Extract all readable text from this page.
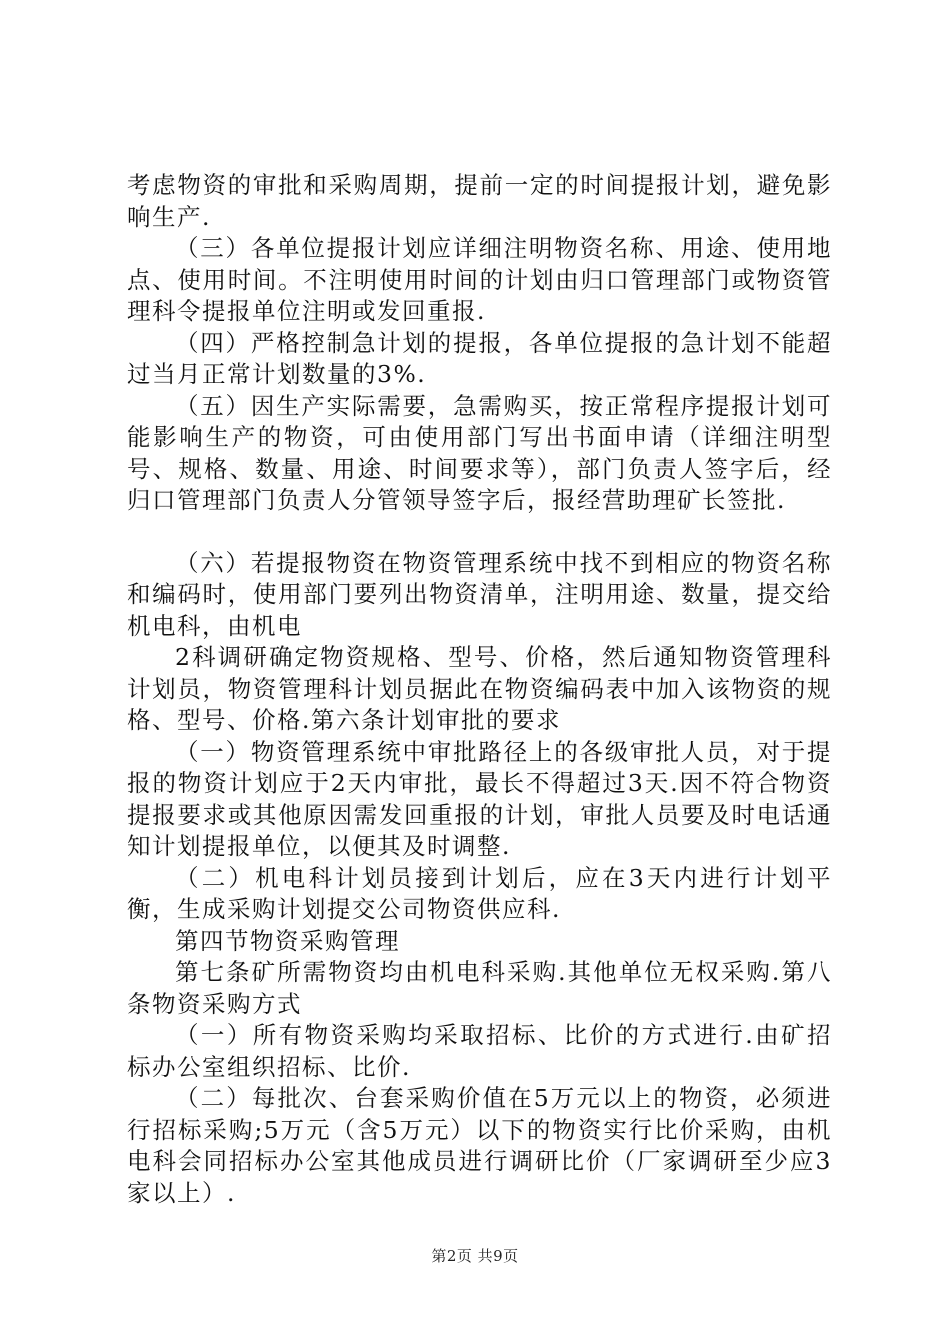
考虑物资的审批和采购周期，提前一定的时间提报计划，避免影响生产.

（三）各单位提报计划应详细注明物资名称、用途、使用地点、使用时间。不注明使用时间的计划由归口管理部门或物资管理科令提报单位注明或发回重报.

（四）严格控制急计划的提报，各单位提报的急计划不能超过当月正常计划数量的3%.

（五）因生产实际需要，急需购买，按正常程序提报计划可能影响生产的物资，可由使用部门写出书面申请（详细注明型号、规格、数量、用途、时间要求等），部门负责人签字后，经归口管理部门负责人分管领导签字后，报经营助理矿长签批.

（六）若提报物资在物资管理系统中找不到相应的物资名称和编码时，使用部门要列出物资清单，注明用途、数量，提交给机电科，由机电

2科调研确定物资规格、型号、价格，然后通知物资管理科计划员，物资管理科计划员据此在物资编码表中加入该物资的规格、型号、价格.第六条计划审批的要求

（一）物资管理系统中审批路径上的各级审批人员，对于提报的物资计划应于2天内审批，最长不得超过3天.因不符合物资提报要求或其他原因需发回重报的计划，审批人员要及时电话通知计划提报单位，以便其及时调整.

（二）机电科计划员接到计划后，应在3天内进行计划平衡，生成采购计划提交公司物资供应科.

第四节物资采购管理

第七条矿所需物资均由机电科采购.其他单位无权采购.第八条物资采购方式

（一）所有物资采购均采取招标、比价的方式进行.由矿招标办公室组织招标、比价.

（二）每批次、台套采购价值在5万元以上的物资，必须进行招标采购;5万元（含5万元）以下的物资实行比价采购，由机电科会同招标办公室其他成员进行调研比价（厂家调研至少应3家以上）.

第2页 共9页
